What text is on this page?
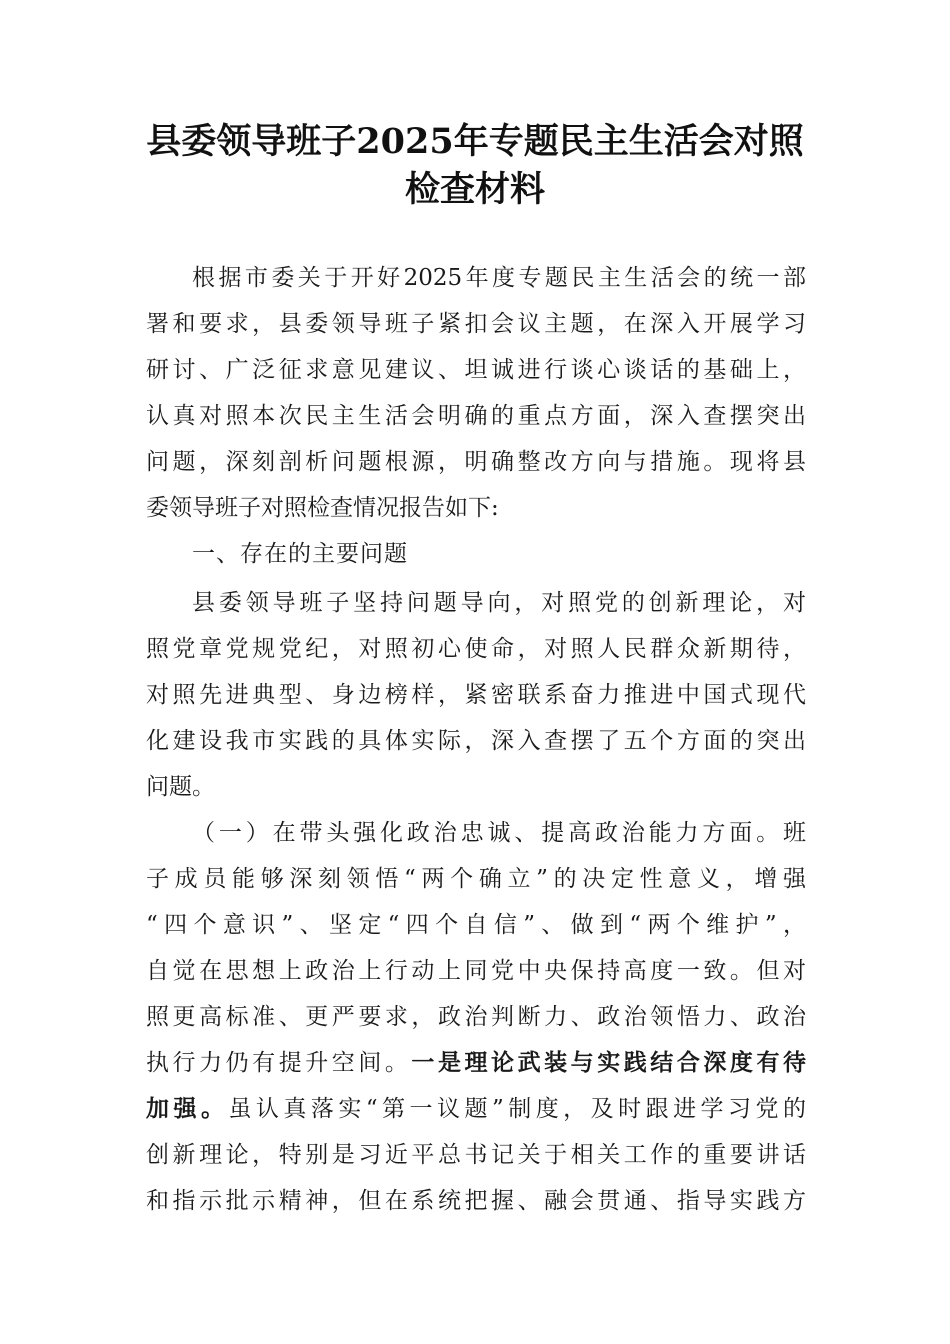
县委领导班子2025年专题民主生活会对照
检查材料

根据市委关于开好2025年度专题民主生活会的统一部

署和要求，县委领导班子紧扣会议主题，在深入开展学习

研讨、广泛征求意见建议、坦诚进行谈心谈话的基础上，

认真对照本次民主生活会明确的重点方面，深入查摆突出

问题，深刻剖析问题根源，明确整改方向与措施。现将县

委领导班子对照检查情况报告如下:

一、存在的主要问题

县委领导班子坚持问题导向，对照党的创新理论，对

照党章党规党纪，对照初心使命，对照人民群众新期待，

对照先进典型、身边榜样，紧密联系奋力推进中国式现代

化建设我市实践的具体实际，深入查摆了五个方面的突出

问题。

（一）在带头强化政治忠诚、提高政治能力方面。班

子成员能够深刻领悟“两个确立”的决定性意义，增强

“四个意识”、坚定“四个自信”、做到“两个维护”，

自觉在思想上政治上行动上同党中央保持高度一致。但对

照更高标准、更严要求，政治判断力、政治领悟力、政治

执行力仍有提升空间。一是理论武装与实践结合深度有待

加强。虽认真落实“第一议题”制度，及时跟进学习党的

创新理论，特别是习近平总书记关于相关工作的重要讲话

和指示批示精神，但在系统把握、融会贯通、指导实践方
